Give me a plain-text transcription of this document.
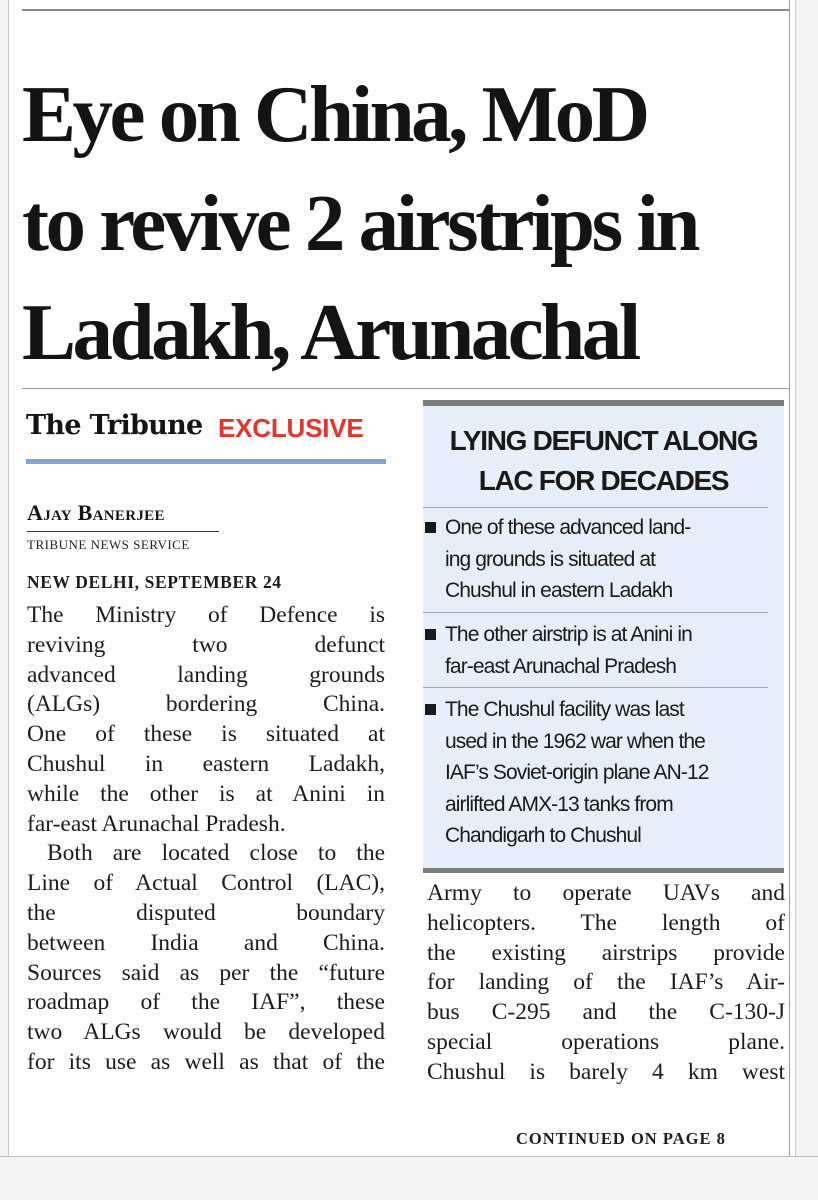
Eye on China, MoD
to revive 2 airstrips in
Ladakh, Arunachal
The Tribune EXCLUSIVE
Ajay Banerjee
TRIBUNE NEWS SERVICE
NEW DELHI, SEPTEMBER 24
The Ministry of Defence is
reviving two defunct
advanced landing grounds
(ALGs) bordering China.
One of these is situated at
Chushul in eastern Ladakh,
while the other is at Anini in
far-east Arunachal Pradesh.
Both are located close to the
Line of Actual Control (LAC),
the disputed boundary
between India and China.
Sources said as per the “future
roadmap of the IAF”, these
two ALGs would be developed
for its use as well as that of the
LYING DEFUNCT ALONG
LAC FOR DECADES
One of these advanced land-
ing grounds is situated at
Chushul in eastern Ladakh
The other airstrip is at Anini in
far-east Arunachal Pradesh
The Chushul facility was last
used in the 1962 war when the
IAF’s Soviet-origin plane AN-12
airlifted AMX-13 tanks from
Chandigarh to Chushul
Army to operate UAVs and
helicopters. The length of
the existing airstrips provide
for landing of the IAF’s Air-
bus C-295 and the C-130-J
special operations plane.
Chushul is barely 4 km west
CONTINUED ON PAGE 8
